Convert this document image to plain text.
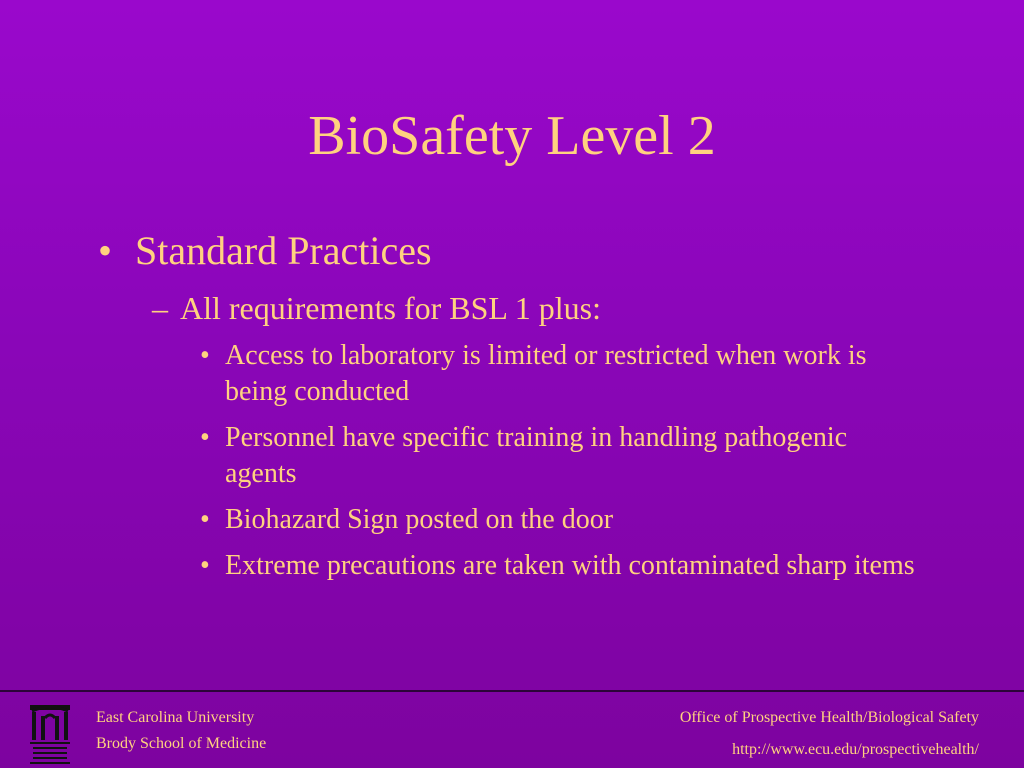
BioSafety Level 2
• Standard Practices
– All requirements for BSL 1 plus:
• Access to laboratory is limited or restricted when work is being conducted
• Personnel have specific training in handling pathogenic agents
• Biohazard Sign posted on the door
• Extreme precautions are taken with contaminated sharp items
East Carolina University
Brody School of Medicine
Office of Prospective Health/Biological Safety
http://www.ecu.edu/prospectivehealth/
